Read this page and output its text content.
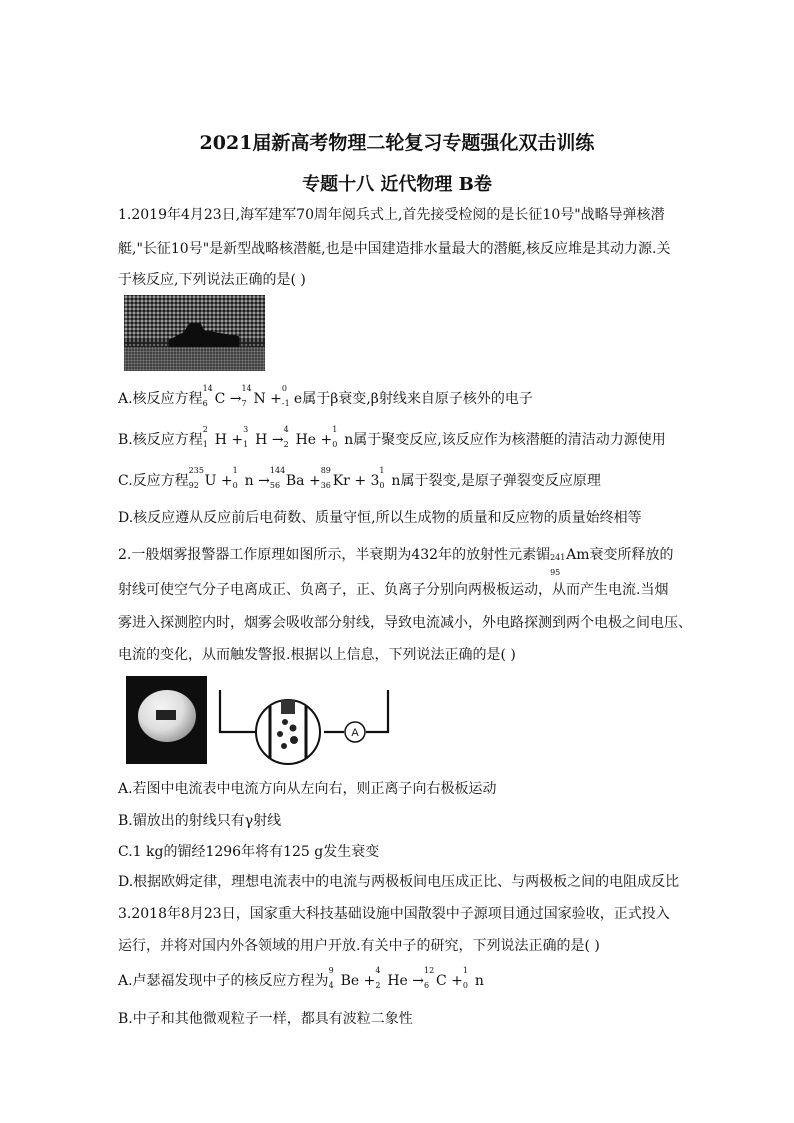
2021届新高考物理二轮复习专题强化双击训练
专题十八 近代物理 B卷
1.2019年4月23日,海军建军70周年阅兵式上,首先接受检阅的是长征10号"战略导弹核潜
艇,"长征10号"是新型战略核潜艇,也是中国建造排水量最大的潜艇,核反应堆是其动力源.关
于核反应,下列说法正确的是( )
A.核反应方程
14
6 C →
14
7 N +
0
-1 e属于β衰变,β射线来自原子核外的电子
B.核反应方程
2
1 H +
3
1 H →
4
2 He +
1
0 n属于聚变反应,该反应作为核潜艇的清洁动力源使用
C.反应方程
235
92 U +
1
0 n →
144
56 Ba +
89
36 Kr + 3
1
0 n属于裂变,是原子弹裂变反应原理
D.核反应遵从反应前后电荷数、质量守恒,所以生成物的质量和反应物的质量始终相等
2.一般烟雾报警器工作原理如图所示，半衰期为432年的放射性元素镅 241
95
Am衰变所释放的
射线可使空气分子电离成正、负离子，正、负离子分别向两极板运动，从而产生电流.当烟
雾进入探测腔内时，烟雾会吸收部分射线，导致电流减小，外电路探测到两个电极之间电压、
电流的变化，从而触发警报.根据以上信息，下列说法正确的是( )
A
A.若图中电流表中电流方向从左向右，则正离子向右极板运动
B.镅放出的射线只有γ射线
C.1 kg的镅经1296年将有125 g发生衰变
D.根据欧姆定律，理想电流表中的电流与两极板间电压成正比、与两极板之间的电阻成反比
3.2018年8月23日，国家重大科技基础设施中国散裂中子源项目通过国家验收，正式投入
运行，并将对国内外各领域的用户开放.有关中子的研究，下列说法正确的是( )
A.卢瑟福发现中子的核反应方程为
9
4 Be +
4
2 He →
12
6 C +
1
0 n
B.中子和其他微观粒子一样，都具有波粒二象性
